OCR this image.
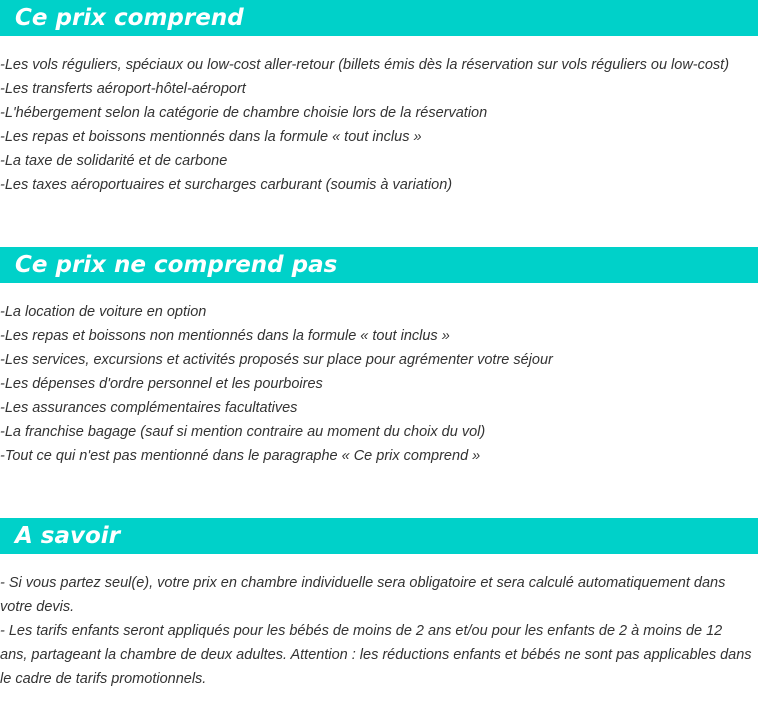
Ce prix comprend
-Les vols réguliers, spéciaux ou low-cost aller-retour (billets émis dès la réservation sur vols réguliers ou low-cost)
-Les transferts aéroport-hôtel-aéroport
-L'hébergement selon la catégorie de chambre choisie lors de la réservation
-Les repas et boissons mentionnés dans la formule « tout inclus »
-La taxe de solidarité et de carbone
-Les taxes aéroportuaires et surcharges carburant (soumis à variation)
Ce prix ne comprend pas
-La location de voiture en option
-Les repas et boissons non mentionnés dans la formule « tout inclus »
-Les services, excursions et activités proposés sur place pour agrémenter votre séjour
-Les dépenses d'ordre personnel et les pourboires
-Les assurances complémentaires facultatives
-La franchise bagage (sauf si mention contraire au moment du choix du vol)
-Tout ce qui n'est pas mentionné dans le paragraphe « Ce prix comprend »
A savoir

- Si vous partez seul(e), votre prix en chambre individuelle sera obligatoire et sera calculé automatiquement dans votre devis.

- Les tarifs enfants seront appliqués pour les bébés de moins de 2 ans et/ou pour les enfants de 2 à moins de 12 ans, partageant la chambre de deux adultes. Attention : les réductions enfants et bébés ne sont pas applicables dans le cadre de tarifs promotionnels.
